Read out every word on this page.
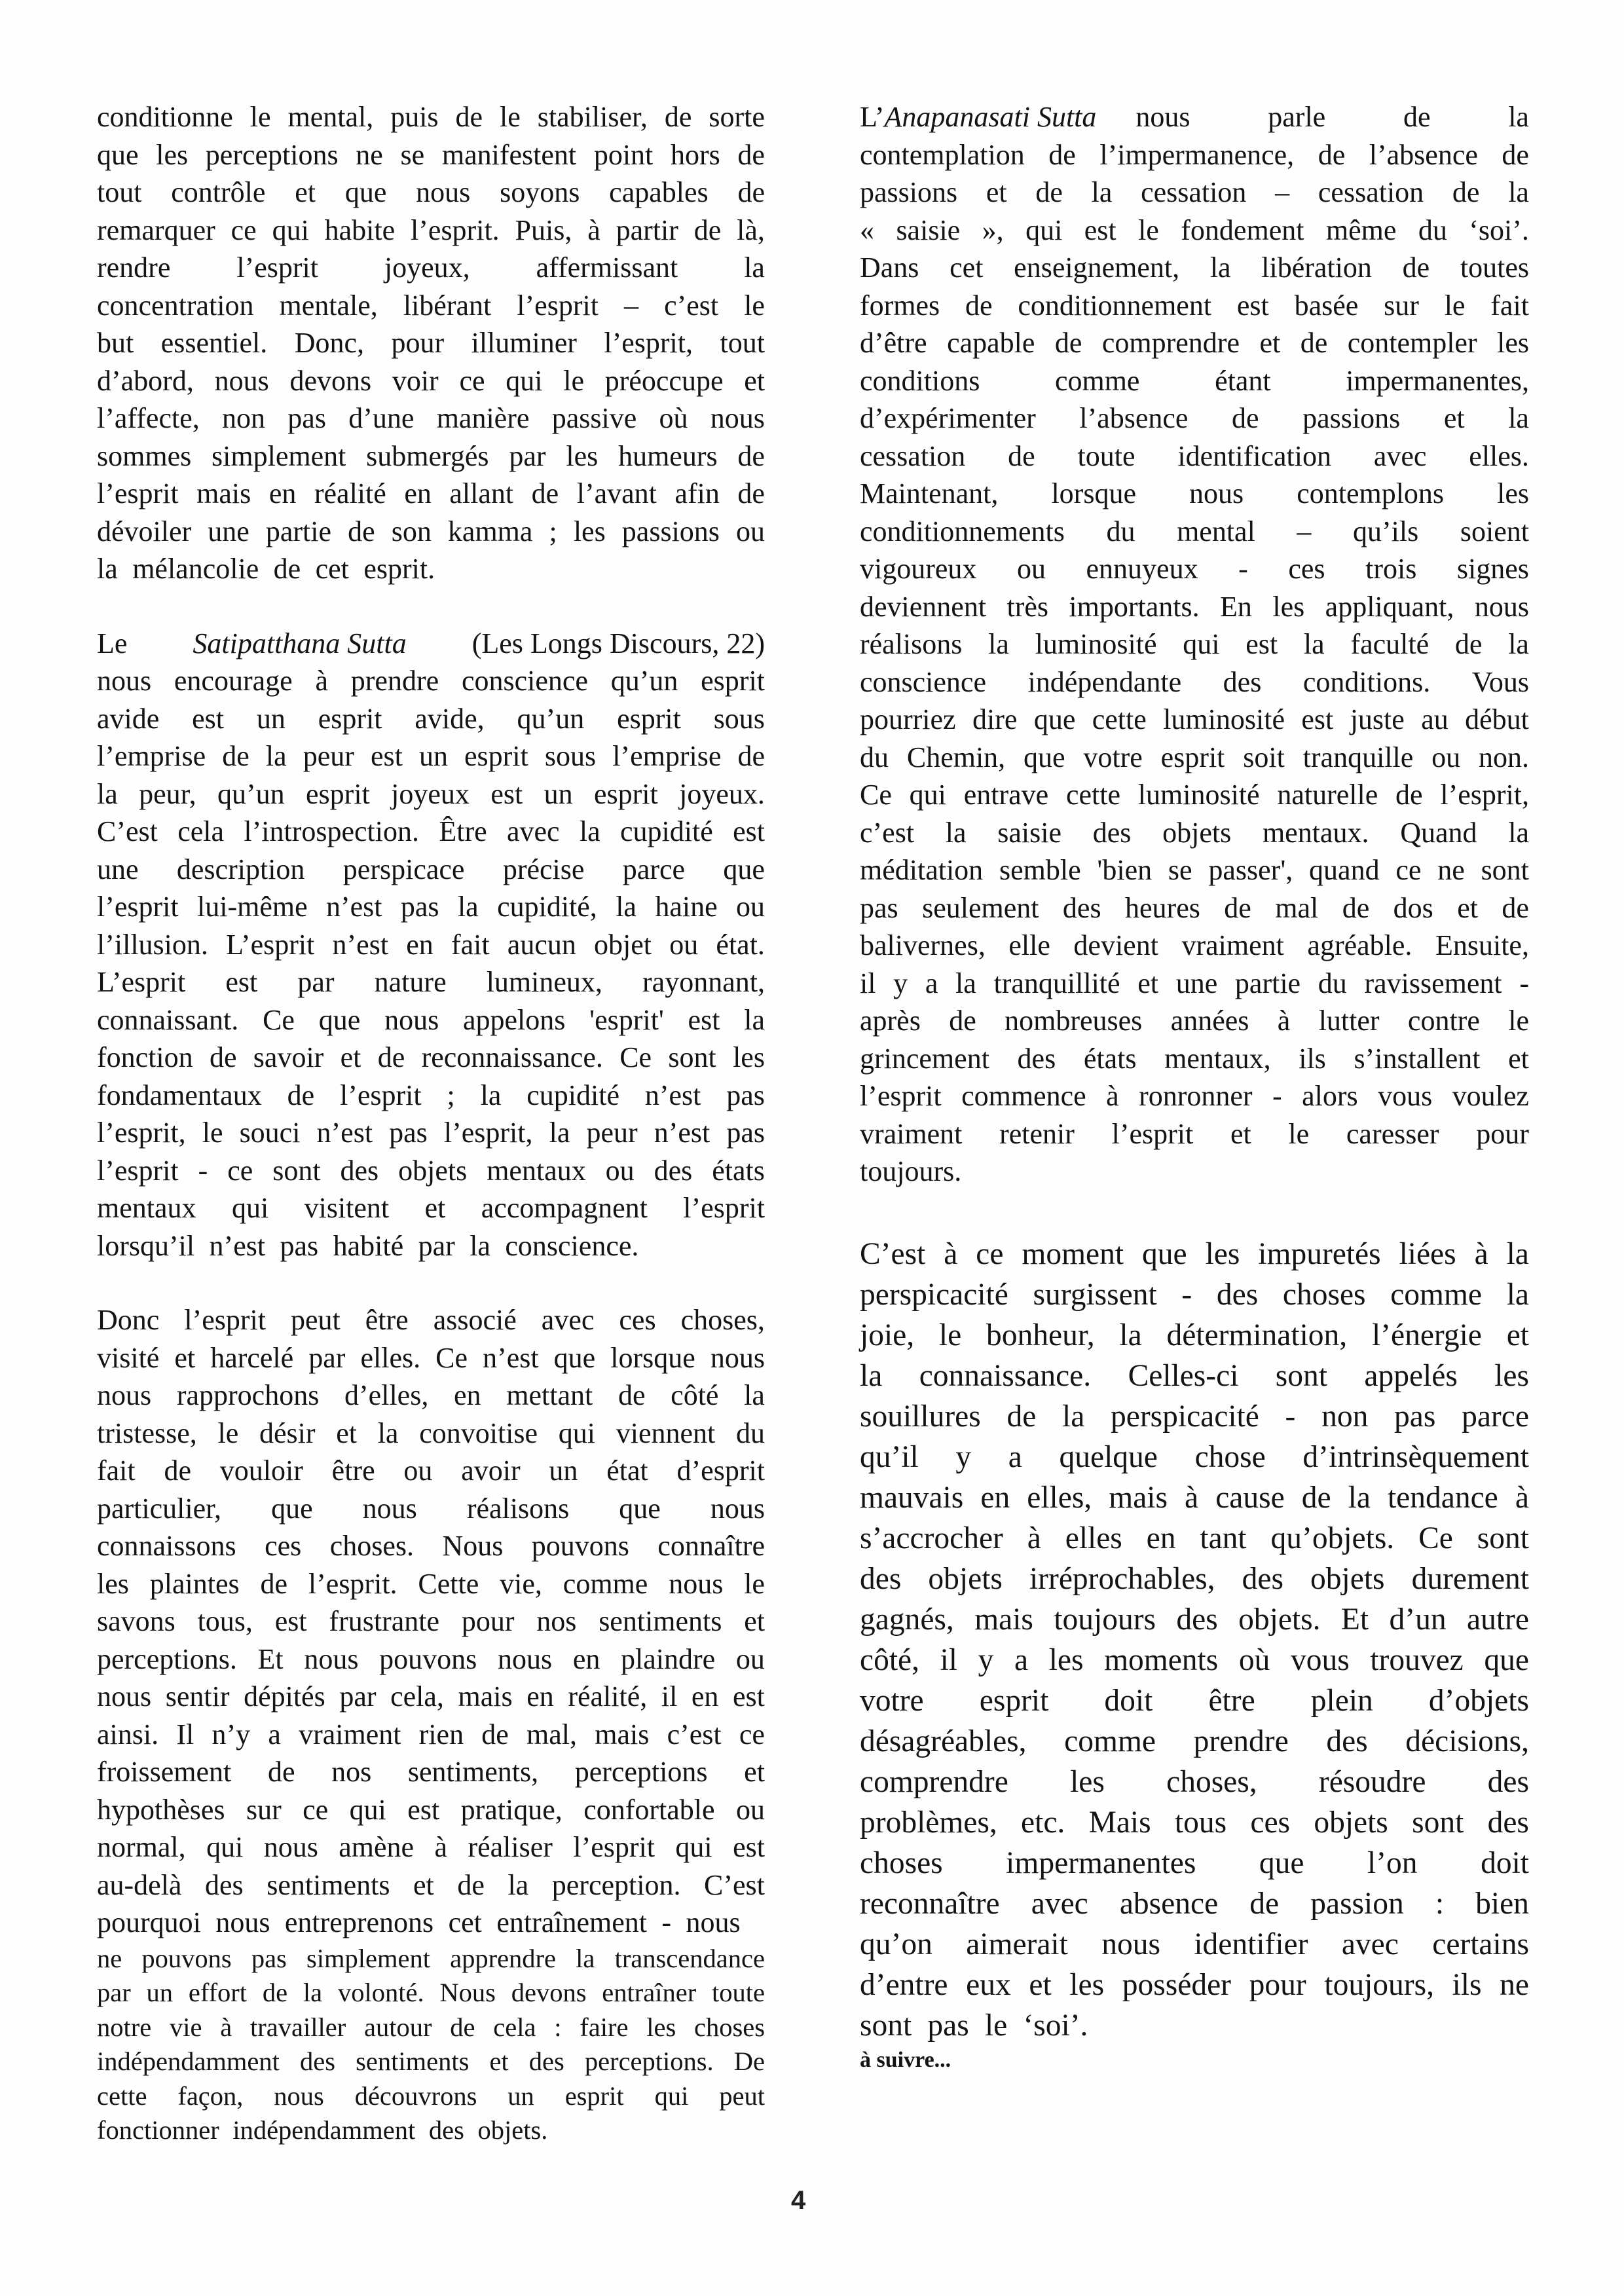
conditionne le mental, puis de le stabiliser, de sorte
que les perceptions ne se manifestent point hors de
tout contrôle et que nous soyons capables de
remarquer ce qui habite l’esprit. Puis, à partir de là,
rendre l’esprit joyeux, affermissant la
concentration mentale, libérant l’esprit – c’est le
but essentiel. Donc, pour illuminer l’esprit, tout
d’abord, nous devons voir ce qui le préoccupe et
l’affecte, non pas d’une manière passive où nous
sommes simplement submergés par les humeurs de
l’esprit mais en réalité en allant de l’avant afin de
dévoiler une partie de son kamma ; les passions ou
la mélancolie de cet esprit.
Le Satipatthana Sutta (Les Longs Discours, 22)
nous encourage à prendre conscience qu’un esprit
avide est un esprit avide, qu’un esprit sous
l’emprise de la peur est un esprit sous l’emprise de
la peur, qu’un esprit joyeux est un esprit joyeux.
C’est cela l’introspection. Être avec la cupidité est
une description perspicace précise parce que
l’esprit lui-même n’est pas la cupidité, la haine ou
l’illusion. L’esprit n’est en fait aucun objet ou état.
L’esprit est par nature lumineux, rayonnant,
connaissant. Ce que nous appelons 'esprit' est la
fonction de savoir et de reconnaissance. Ce sont les
fondamentaux de l’esprit ; la cupidité n’est pas
l’esprit, le souci n’est pas l’esprit, la peur n’est pas
l’esprit - ce sont des objets mentaux ou des états
mentaux qui visitent et accompagnent l’esprit
lorsqu’il n’est pas habité par la conscience.
Donc l’esprit peut être associé avec ces choses,
visité et harcelé par elles. Ce n’est que lorsque nous
nous rapprochons d’elles, en mettant de côté la
tristesse, le désir et la convoitise qui viennent du
fait de vouloir être ou avoir un état d’esprit
particulier, que nous réalisons que nous
connaissons ces choses. Nous pouvons connaître
les plaintes de l’esprit. Cette vie, comme nous le
savons tous, est frustrante pour nos sentiments et
perceptions. Et nous pouvons nous en plaindre ou
nous sentir dépités par cela, mais en réalité, il en est
ainsi. Il n’y a vraiment rien de mal, mais c’est ce
froissement de nos sentiments, perceptions et
hypothèses sur ce qui est pratique, confortable ou
normal, qui nous amène à réaliser l’esprit qui est
au-delà des sentiments et de la perception. C’est
pourquoi nous entreprenons cet entraînement - nous
ne pouvons pas simplement apprendre la transcendance
par un effort de la volonté. Nous devons entraîner toute
notre vie à travailler autour de cela : faire les choses
indépendamment des sentiments et des perceptions. De
cette façon, nous découvrons un esprit qui peut
fonctionner indépendamment des objets.
L’Anapanasati Sutta nous	parle	de	la
contemplation de l’impermanence, de l’absence de
passions et de la cessation – cessation de la
« saisie », qui est le fondement même du ‘soi’.
Dans cet enseignement, la libération de toutes
formes de conditionnement est basée sur le fait
d’être capable de comprendre et de contempler les
conditions	comme	étant	impermanentes,
d’expérimenter l’absence de passions et la
cessation de toute identification avec elles.
Maintenant, lorsque nous contemplons les
conditionnements du mental – qu’ils soient
vigoureux ou ennuyeux - ces trois signes
deviennent très importants. En les appliquant, nous
réalisons la luminosité qui est la faculté de la
conscience indépendante des conditions. Vous
pourriez dire que cette luminosité est juste au début
du Chemin, que votre esprit soit tranquille ou non.
Ce qui entrave cette luminosité naturelle de l’esprit,
c’est la saisie des objets mentaux. Quand la
méditation semble 'bien se passer', quand ce ne sont
pas seulement des heures de mal de dos et de
balivernes, elle devient vraiment agréable. Ensuite,
il y a la tranquillité et une partie du ravissement -
après de nombreuses années à lutter contre le
grincement des états mentaux, ils s’installent et
l’esprit commence à ronronner - alors vous voulez
vraiment retenir l’esprit et le caresser pour
toujours.
C’est à ce moment que les impuretés liées à la
perspicacité surgissent - des choses comme la
joie, le bonheur, la détermination, l’énergie et
la connaissance. Celles-ci sont appelés les
souillures de la perspicacité - non pas parce
qu’il y a quelque chose d’intrinsèquement
mauvais en elles, mais à cause de la tendance à
s’accrocher à elles en tant qu’objets. Ce sont
des objets irréprochables, des objets durement
gagnés, mais toujours des objets. Et d’un autre
côté, il y a les moments où vous trouvez que
votre esprit doit être plein d’objets
désagréables, comme prendre des décisions,
comprendre les choses, résoudre des
problèmes, etc. Mais tous ces objets sont des
choses impermanentes que l’on doit
reconnaître avec absence de passion : bien
qu’on aimerait nous identifier avec certains
d’entre eux et les posséder pour toujours, ils ne
sont pas le ‘soi’.
à suivre...
4
